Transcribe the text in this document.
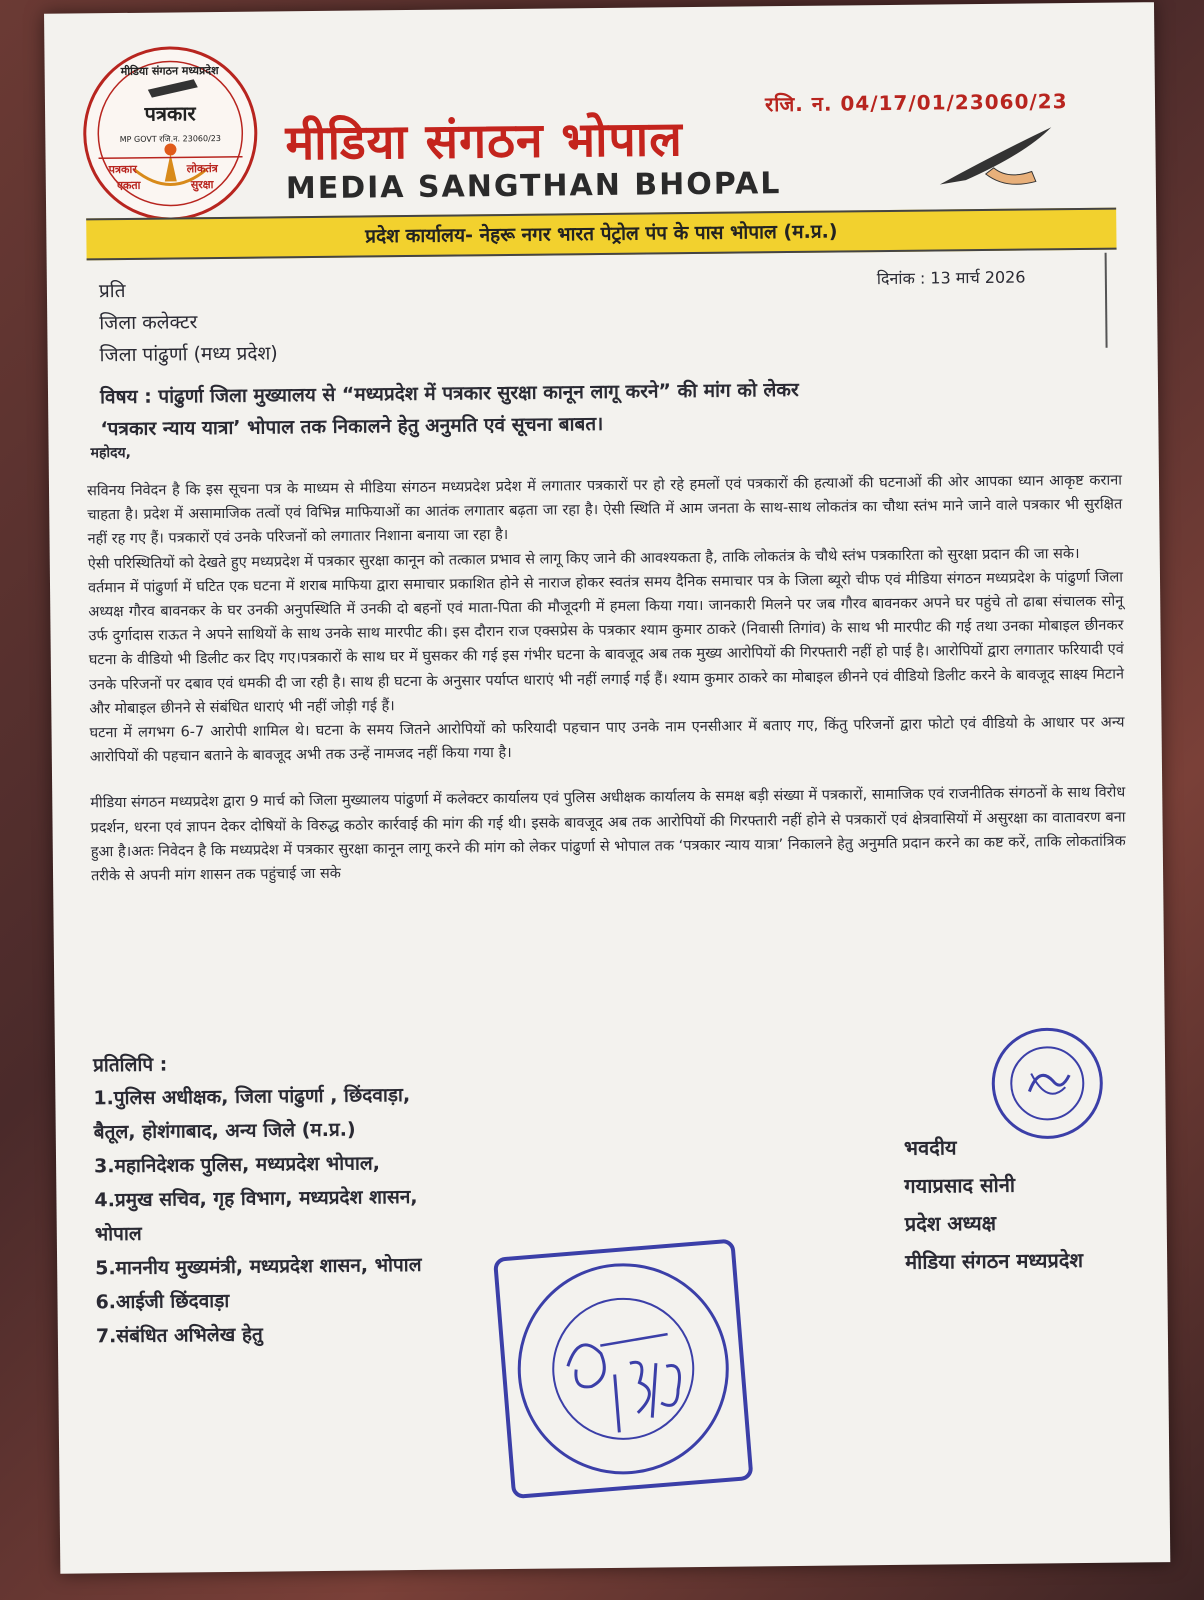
पत्रकार
MP GOVT रजि.न. 23060/23
मीडिया संगठन मध्यप्रदेश
पत्रकार
एकता
लोकतंत्र
सुरक्षा
रजि. न. 04/17/01/23060/23
मीडिया संगठन भोपाल
MEDIA SANGTHAN BHOPAL
प्रदेश कार्यालय- नेहरू नगर भारत पेट्रोल पंप के पास भोपाल (म.प्र.)
प्रति
जिला कलेक्टर
जिला पांढुर्णा (मध्य प्रदेश)
दिनांक : 13 मार्च 2026
विषय : पांढुर्णा जिला मुख्यालय से “मध्यप्रदेश में पत्रकार सुरक्षा कानून लागू करने” की मांग को लेकर
‘पत्रकार न्याय यात्रा’ भोपाल तक निकालने हेतु अनुमति एवं सूचना बाबत।
महोदय,

सविनय निवेदन है कि इस सूचना पत्र के माध्यम से मीडिया संगठन मध्यप्रदेश प्रदेश में लगातार पत्रकारों पर हो रहे हमलों एवं पत्रकारों की हत्याओं की घटनाओं की ओर आपका ध्यान आकृष्ट कराना चाहता है। प्रदेश में असामाजिक तत्वों एवं विभिन्न माफियाओं का आतंक लगातार बढ़ता जा रहा है। ऐसी स्थिति में आम जनता के साथ-साथ लोकतंत्र का चौथा स्तंभ माने जाने वाले पत्रकार भी सुरक्षित नहीं रह गए हैं। पत्रकारों एवं उनके परिजनों को लगातार निशाना बनाया जा रहा है।

ऐसी परिस्थितियों को देखते हुए मध्यप्रदेश में पत्रकार सुरक्षा कानून को तत्काल प्रभाव से लागू किए जाने की आवश्यकता है, ताकि लोकतंत्र के चौथे स्तंभ पत्रकारिता को सुरक्षा प्रदान की जा सके।

वर्तमान में पांढुर्णा में घटित एक घटना में शराब माफिया द्वारा समाचार प्रकाशित होने से नाराज होकर स्वतंत्र समय दैनिक समाचार पत्र के जिला ब्यूरो चीफ एवं मीडिया संगठन मध्यप्रदेश के पांढुर्णा जिला अध्यक्ष गौरव बावनकर के घर उनकी अनुपस्थिति में उनकी दो बहनों एवं माता-पिता की मौजूदगी में हमला किया गया। जानकारी मिलने पर जब गौरव बावनकर अपने घर पहुंचे तो ढाबा संचालक सोनू उर्फ दुर्गादास राऊत ने अपने साथियों के साथ उनके साथ मारपीट की। इस दौरान राज एक्सप्रेस के पत्रकार श्याम कुमार ठाकरे (निवासी तिगांव) के साथ भी मारपीट की गई तथा उनका मोबाइल छीनकर घटना के वीडियो भी डिलीट कर दिए गए।पत्रकारों के साथ घर में घुसकर की गई इस गंभीर घटना के बावजूद अब तक मुख्य आरोपियों की गिरफ्तारी नहीं हो पाई है। आरोपियों द्वारा लगातार फरियादी एवं उनके परिजनों पर दबाव एवं धमकी दी जा रही है। साथ ही घटना के अनुसार पर्याप्त धाराएं भी नहीं लगाई गई हैं। श्याम कुमार ठाकरे का मोबाइल छीनने एवं वीडियो डिलीट करने के बावजूद साक्ष्य मिटाने और मोबाइल छीनने से संबंधित धाराएं भी नहीं जोड़ी गई हैं।

घटना में लगभग 6-7 आरोपी शामिल थे। घटना के समय जितने आरोपियों को फरियादी पहचान पाए उनके नाम एनसीआर में बताए गए, किंतु परिजनों द्वारा फोटो एवं वीडियो के आधार पर अन्य आरोपियों की पहचान बताने के बावजूद अभी तक उन्हें नामजद नहीं किया गया है।

मीडिया संगठन मध्यप्रदेश द्वारा 9 मार्च को जिला मुख्यालय पांढुर्णा में कलेक्टर कार्यालय एवं पुलिस अधीक्षक कार्यालय के समक्ष बड़ी संख्या में पत्रकारों, सामाजिक एवं राजनीतिक संगठनों के साथ विरोध प्रदर्शन, धरना एवं ज्ञापन देकर दोषियों के विरुद्ध कठोर कार्रवाई की मांग की गई थी। इसके बावजूद अब तक आरोपियों की गिरफ्तारी नहीं होने से पत्रकारों एवं क्षेत्रवासियों में असुरक्षा का वातावरण बना हुआ है।अतः निवेदन है कि मध्यप्रदेश में पत्रकार सुरक्षा कानून लागू करने की मांग को लेकर पांढुर्णा से भोपाल तक ‘पत्रकार न्याय यात्रा’ निकालने हेतु अनुमति प्रदान करने का कष्ट करें, ताकि लोकतांत्रिक तरीके से अपनी मांग शासन तक पहुंचाई जा सके

प्रतिलिपि :
1.पुलिस अधीक्षक, जिला पांढुर्णा , छिंदवाड़ा,
बैतूल, होशंगाबाद, अन्य जिले (म.प्र.)
3.महानिदेशक पुलिस, मध्यप्रदेश भोपाल,
4.प्रमुख सचिव, गृह विभाग, मध्यप्रदेश शासन,
भोपाल
5.माननीय मुख्यमंत्री, मध्यप्रदेश शासन, भोपाल
6.आईजी छिंदवाड़ा
7.संबंधित अभिलेख हेतु
भवदीय
गयाप्रसाद सोनी
प्रदेश अध्यक्ष
मीडिया संगठन मध्यप्रदेश
